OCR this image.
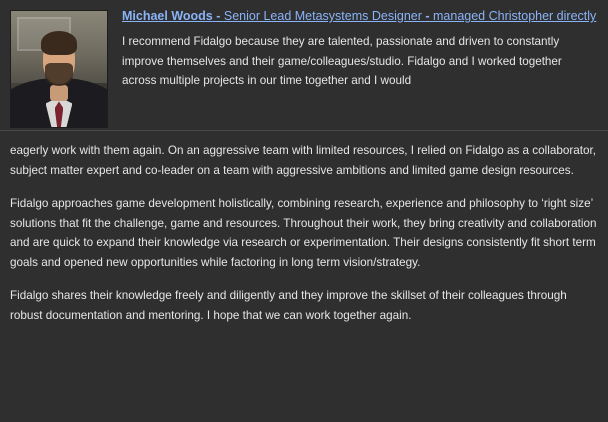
Michael Woods - Senior Lead Metasystems Designer - managed Christopher directly

I recommend Fidalgo because they are talented, passionate and driven to constantly improve themselves and their game/colleagues/studio. Fidalgo and I worked together across multiple projects in our time together and I would

eagerly work with them again. On an aggressive team with limited resources, I relied on Fidalgo as a collaborator, subject matter expert and co-leader on a team with aggressive ambitions and limited game design resources.

Fidalgo approaches game development holistically, combining research, experience and philosophy to ‘right size’ solutions that fit the challenge, game and resources. Throughout their work, they bring creativity and collaboration and are quick to expand their knowledge via research or experimentation. Their designs consistently fit short term goals and opened new opportunities while factoring in long term vision/strategy.

Fidalgo shares their knowledge freely and diligently and they improve the skillset of their colleagues through robust documentation and mentoring. I hope that we can work together again.
